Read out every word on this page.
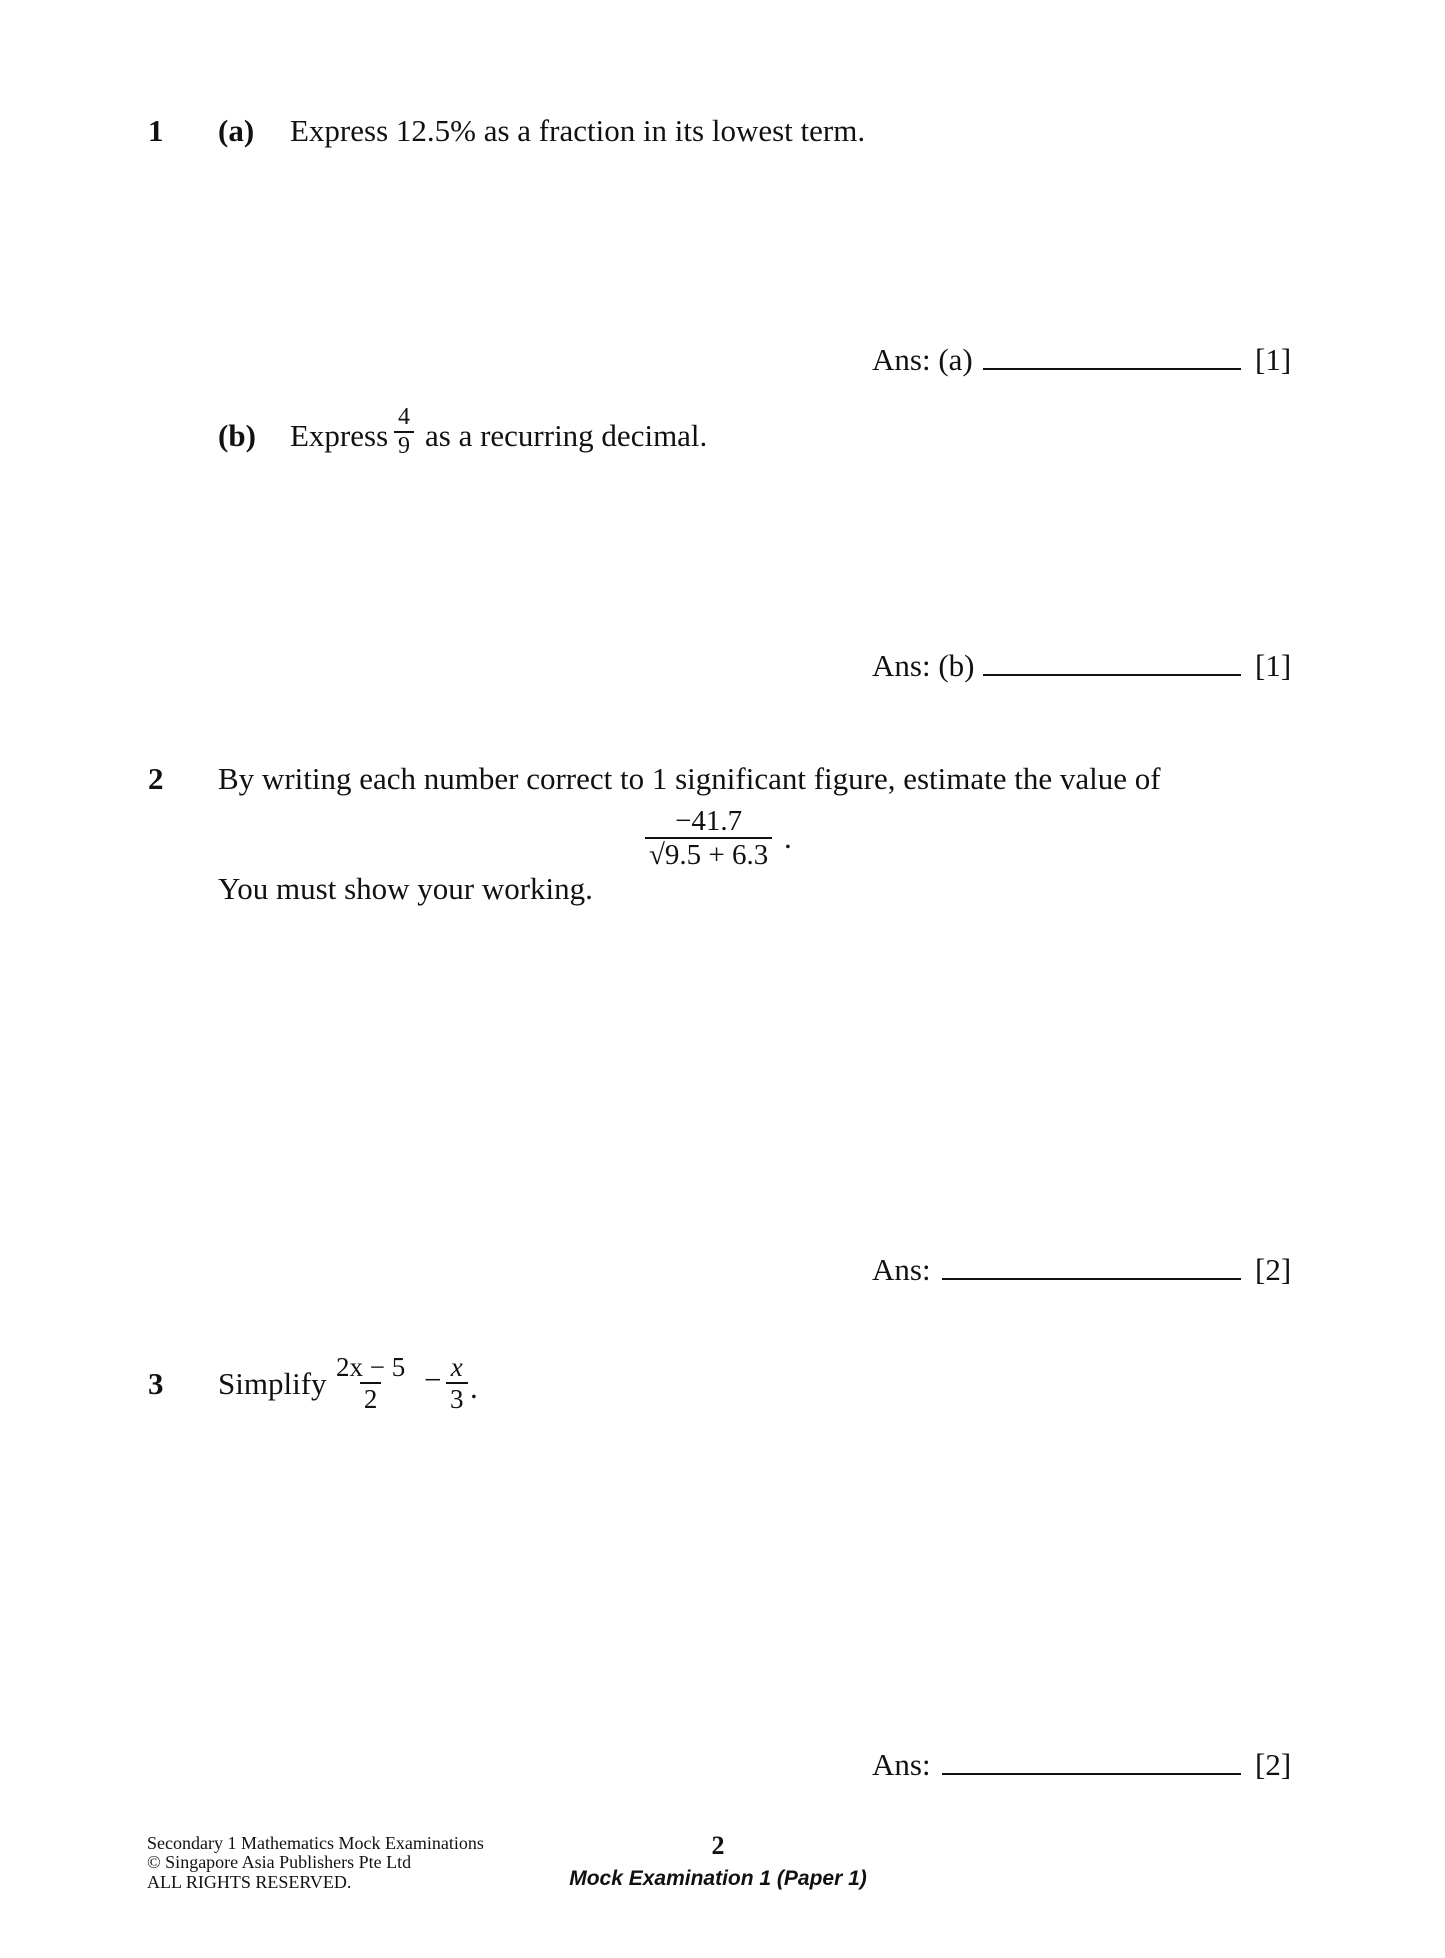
1 (a) Express 12.5% as a fraction in its lowest term.
Ans: (a)	[1]
(b) Express $\frac{4}{9}$ as a recurring decimal.
Ans: (b)	[1]
2 By writing each number correct to 1 significant figure, estimate the value of
$\frac{-41.7}{√9.5 + 6.3}$ .
You must show your working.
Ans:	[2]
3 Simplify $\frac{2x - 5}{2} - \frac{x}{3}$ .
Ans:	[2]
Secondary 1 Mathematics Mock Examinations
© Singapore Asia Publishers Pte Ltd
ALL RIGHTS RESERVED.
2
Mock Examination 1 (Paper 1)
